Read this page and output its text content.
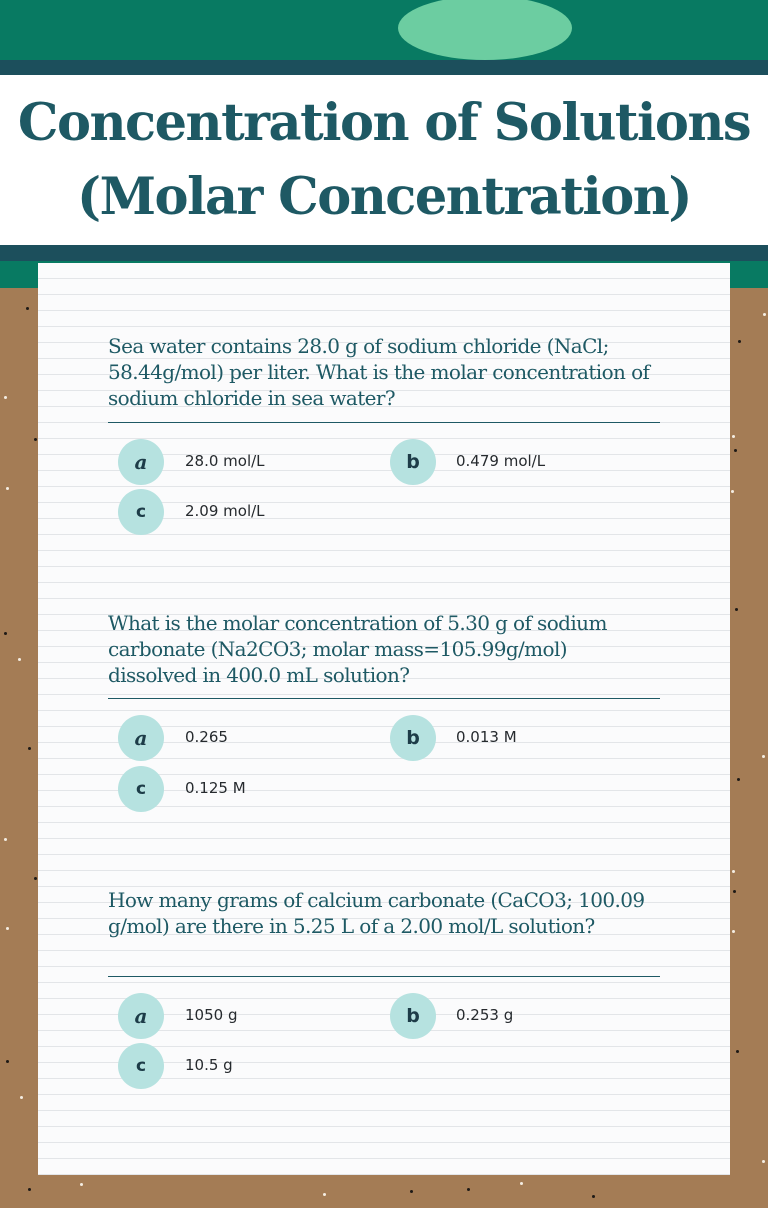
Concentration of Solutions
(Molar Concentration)
Sea water contains 28.0 g of sodium chloride (NaCl; 58.44g/mol) per liter. What is the molar concentration of sodium chloride in sea water?
a	28.0 mol/L	b	0.479 mol/L
c	2.09 mol/L
What is the molar concentration of 5.30 g of sodium carbonate (Na2CO3; molar mass=105.99g/mol) dissolved in 400.0 mL solution?
a	0.265	b	0.013 M
c	0.125 M
How many grams of calcium carbonate (CaCO3; 100.09 g/mol) are there in 5.25 L of a 2.00 mol/L solution?
a	1050 g	b	0.253 g
c	10.5 g
